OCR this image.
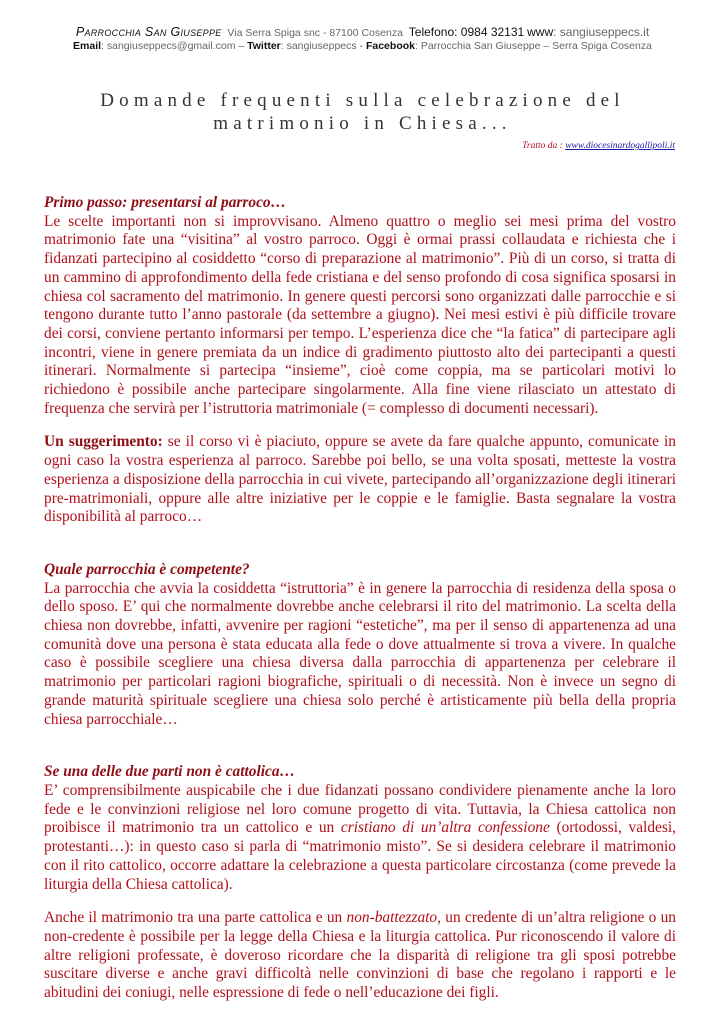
Parrocchia San Giuseppe Via Serra Spiga snc - 87100 Cosenza Telefono: 0984 32131 www: sangiuseppecs.it
Email: sangiuseppecs@gmail.com – Twitter: sangiuseppecs - Facebook: Parrocchia San Giuseppe – Serra Spiga Cosenza
Domande frequenti sulla celebrazione del matrimonio in Chiesa...
Tratto da : www.diocesinardogallipoli.it
Primo passo: presentarsi al parroco…

Le scelte importanti non si improvvisano. Almeno quattro o meglio sei mesi prima del vostro matrimonio fate una “visitina” al vostro parroco. Oggi è ormai prassi collaudata e richiesta che i fidanzati partecipino al cosiddetto “corso di preparazione al matrimonio”. Più di un corso, si tratta di un cammino di approfondimento della fede cristiana e del senso profondo di cosa significa sposarsi in chiesa col sacramento del matrimonio. In genere questi percorsi sono organizzati dalle parrocchie e si tengono durante tutto l’anno pastorale (da settembre a giugno). Nei mesi estivi è più difficile trovare dei corsi, conviene pertanto informarsi per tempo. L’esperienza dice che “la fatica” di partecipare agli incontri, viene in genere premiata da un indice di gradimento piuttosto alto dei partecipanti a questi itinerari. Normalmente si partecipa “insieme”, cioè come coppia, ma se particolari motivi lo richiedono è possibile anche partecipare singolarmente. Alla fine viene rilasciato un attestato di frequenza che servirà per l’istruttoria matrimoniale (= complesso di documenti necessari).

Un suggerimento: se il corso vi è piaciuto, oppure se avete da fare qualche appunto, comunicate in ogni caso la vostra esperienza al parroco. Sarebbe poi bello, se una volta sposati, metteste la vostra esperienza a disposizione della parrocchia in cui vivete, partecipando all’organizzazione degli itinerari pre-matrimoniali, oppure alle altre iniziative per le coppie e le famiglie. Basta segnalare la vostra disponibilità al parroco…

Quale parrocchia è competente?

La parrocchia che avvia la cosiddetta “istruttoria” è in genere la parrocchia di residenza della sposa o dello sposo. E’ qui che normalmente dovrebbe anche celebrarsi il rito del matrimonio. La scelta della chiesa non dovrebbe, infatti, avvenire per ragioni “estetiche”, ma per il senso di appartenenza ad una comunità dove una persona è stata educata alla fede o dove attualmente si trova a vivere. In qualche caso è possibile scegliere una chiesa diversa dalla parrocchia di appartenenza per celebrare il matrimonio per particolari ragioni biografiche, spirituali o di necessità. Non è invece un segno di grande maturità spirituale scegliere una chiesa solo perché è artisticamente più bella della propria chiesa parrocchiale…

Se una delle due parti non è cattolica…

E’ comprensibilmente auspicabile che i due fidanzati possano condividere pienamente anche la loro fede e le convinzioni religiose nel loro comune progetto di vita. Tuttavia, la Chiesa cattolica non proibisce il matrimonio tra un cattolico e un cristiano di un’altra confessione (ortodossi, valdesi, protestanti…): in questo caso si parla di “matrimonio misto”. Se si desidera celebrare il matrimonio con il rito cattolico, occorre adattare la celebrazione a questa particolare circostanza (come prevede la liturgia della Chiesa cattolica).

Anche il matrimonio tra una parte cattolica e un non-battezzato, un credente di un’altra religione o un non-credente è possibile per la legge della Chiesa e la liturgia cattolica. Pur riconoscendo il valore di altre religioni professate, è doveroso ricordare che la disparità di religione tra gli sposi potrebbe suscitare diverse e anche gravi difficoltà nelle convinzioni di base che regolano i rapporti e le abitudini dei coniugi, nelle espressione di fede o nell’educazione dei figli.
